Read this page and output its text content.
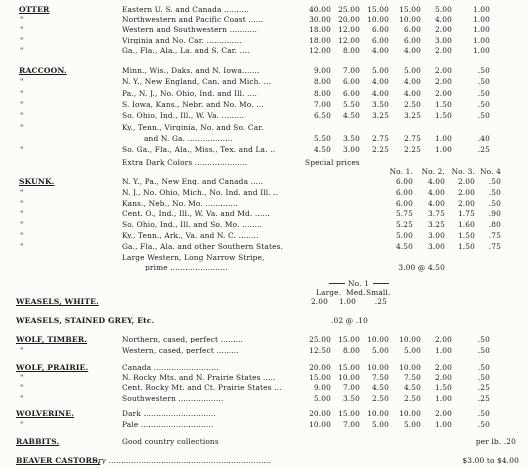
OTTER	Eastern U. S. and Canada ..........	40.00 25.00 15.00 15.00 5.00	1.00
"	Northwestern and Pacific Coast ......	30.00 20.00 10.00 10.00 4.00	1.00
"	Western and Southwestern ...........	18.00 12.00 6.00 6.00 2.00	1.00
"	Virginia and No. Car. ..............	18.00 12.00 6.00 6.00 3.00	1.00
"	Ga., Fla., Ala., La. and S. Car. ....	12.00 8.00 4.00 4.00 2.00	1.00
RACCOON.	Minn., Wis., Daks. and N. Iowa.......	9.00 7.00 5.00 5.00 2.00	.50
"	N. Y., New England, Can. and Mich. ...	8.00 6.00 4.00 4.00 2.00	.50
"	Pa., N. J., No. Ohio, Ind. and Ill. ....	8.00 6.00 4.00 4.00 2.00	.50
"	S. Iowa, Kans., Nebr. and No. Mo. ...	7.00 5.50 3.50 2.50 1.50	.50
"	So. Ohio, Ind., Ill., W. Va. .........	6.50 4.50 3.25 3.25 1.50	.50
"	Ky., Tenn., Virginia, No. and So. Car.
and N. Ga. ..................	5.50 3.50 2.75 2.75 1.00	.40
"	So. Ga., Fla., Ala., Miss., Tex. and La. ..	4.50 3.00 2.25 2.25 1.00	.25
Extra Dark Colors .....................	Special prices
No. 1. No. 2. No. 3. No. 4
SKUNK.	N. Y., Pa., New Eng. and Canada .....	6.00 4.00 2.00 .50
"	N. J., No. Ohio, Mich., No. Ind. and Ill. ..	6.00 4.00 2.00 .50
"	Kans., Neb., No. Mo. .............	6.00 4.00 2.00 .50
"	Cent. O., Ind., Ill., W. Va. and Md. ......	5.75 3.75 1.75 .90
"	So. Ohio, Ind., Ill. and So. Mo. ........	5.25 3.25 1.60 .80
"	Ky., Tenn., Ark., Va. and N. C. ........	5.00 3.00 1.50 .75
"	Ga., Fla., Ala. and other Southern States.	4.50 3.00 1.50 .75
Large Western, Long Narrow Stripe,
prime .......................	3.00 @ 4.50
No. 1
Large. Med. Small.
WEASELS, WHITE.	2.00 1.00	.25
WEASELS, STAINED GREY, Etc.	.02 @ .10
WOLF, TIMBER.	Northern, cased, perfect .........	25.00 15.00 10.00 10.00 2.00	.50
"	Western, cased, perfect .........	12.50 8.00 5.00 5.00 1.00	.50
WOLF, PRAIRIE.	Canada ..........................	20.00 15.00 10.00 10.00 2.00	.50
"	N. Rocky Mts. and N. Prairie States .....	15.00 10.00 7.50 7.50 2.00	.50
"	Cent. Rocky Mt. and Ct. Prairie States ...	9.00 7.00 4.50 4.50 1.50	.25
"	Southwestern ..................	5.00 3.50 2.50 2.50 1.00	.25
WOLVERINE.	Dark .............................	20.00 15.00 10.00 10.00 2.00	.50
"	Pale .............................	10.00 7.00 5.00 5.00 1.00	.50
RABBITS.	Good country collections	per lb. .20
BEAVER CASTORS,
Dry .................................................................	$3.00 to $4.00
